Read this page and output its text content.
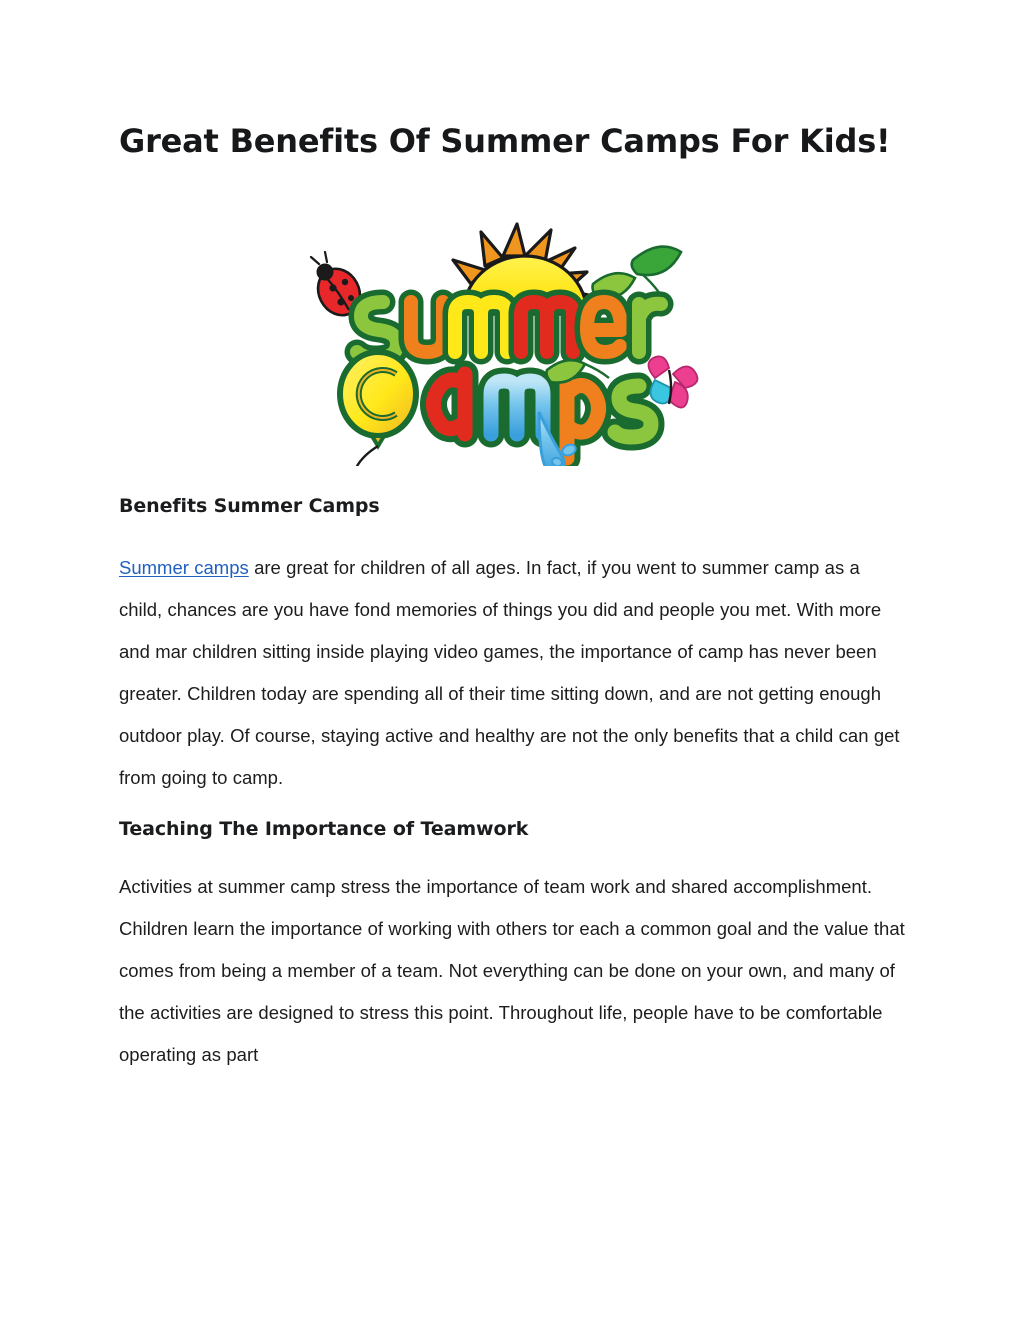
Great Benefits Of Summer Camps For Kids!
Benefits Summer Camps

Summer camps are great for children of all ages. In fact, if you went to summer camp as a child, chances are you have fond memories of things you did and people you met. With more and mar children sitting inside playing video games, the importance of camp has never been greater. Children today are spending all of their time sitting down, and are not getting enough outdoor play. Of course, staying active and healthy are not the only benefits that a child can get from going to camp.

Teaching The Importance of Teamwork

Activities at summer camp stress the importance of team work and shared accomplishment. Children learn the importance of working with others tor each a common goal and the value that comes from being a member of a team. Not everything can be done on your own, and many of the activities are designed to stress this point. Throughout life, people have to be comfortable operating as part
